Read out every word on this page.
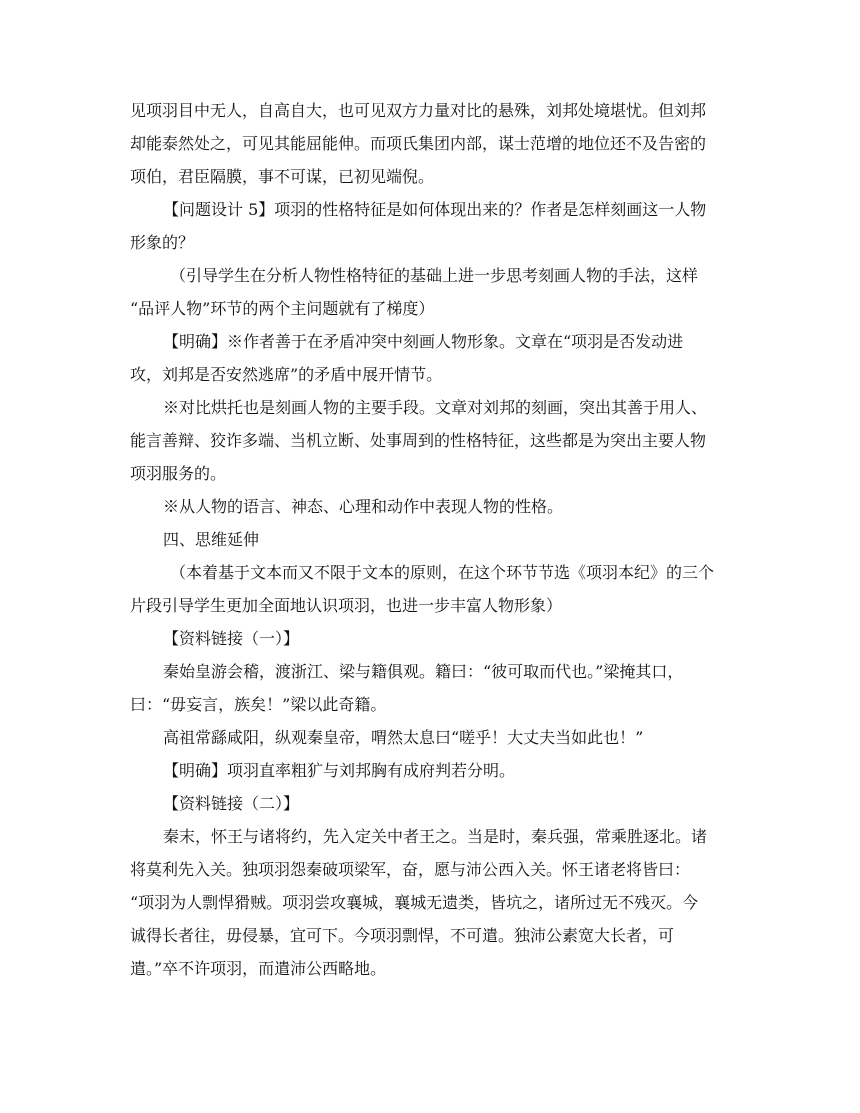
见项羽目中无人，自高自大，也可见双方力量对比的悬殊，刘邦处境堪忧。但刘邦
却能泰然处之，可见其能屈能伸。而项氏集团内部，谋士范增的地位还不及告密的
项伯，君臣隔膜，事不可谋，已初见端倪。
【问题设计 5】项羽的性格特征是如何体现出来的？作者是怎样刻画这一人物
形象的？
（引导学生在分析人物性格特征的基础上进一步思考刻画人物的手法，这样
“品评人物”环节的两个主问题就有了梯度）
【明确】※作者善于在矛盾冲突中刻画人物形象。文章在“项羽是否发动进
攻，刘邦是否安然逃席”的矛盾中展开情节。
※对比烘托也是刻画人物的主要手段。文章对刘邦的刻画，突出其善于用人、
能言善辩、狡诈多端、当机立断、处事周到的性格特征，这些都是为突出主要人物
项羽服务的。
※从人物的语言、神态、心理和动作中表现人物的性格。
四、思维延伸
（本着基于文本而又不限于文本的原则，在这个环节节选《项羽本纪》的三个
片段引导学生更加全面地认识项羽，也进一步丰富人物形象）
【资料链接（一）】
秦始皇游会稽，渡浙江、梁与籍俱观。籍曰：“彼可取而代也。”梁掩其口，
曰：“毋妄言，族矣！”梁以此奇籍。
高祖常繇咸阳，纵观秦皇帝，喟然太息曰“嗟乎！大丈夫当如此也！”
【明确】项羽直率粗犷与刘邦胸有成府判若分明。
【资料链接（二）】
秦末，怀王与诸将约，先入定关中者王之。当是时，秦兵强，常乘胜逐北。诸
将莫利先入关。独项羽怨秦破项梁军，奋，愿与沛公西入关。怀王诸老将皆曰：
“项羽为人剽悍猾贼。项羽尝攻襄城，襄城无遗类，皆坑之，诸所过无不残灭。今
诚得长者往，毋侵暴，宜可下。今项羽剽悍，不可遣。独沛公素宽大长者，可
遣。”卒不许项羽，而遣沛公西略地。
